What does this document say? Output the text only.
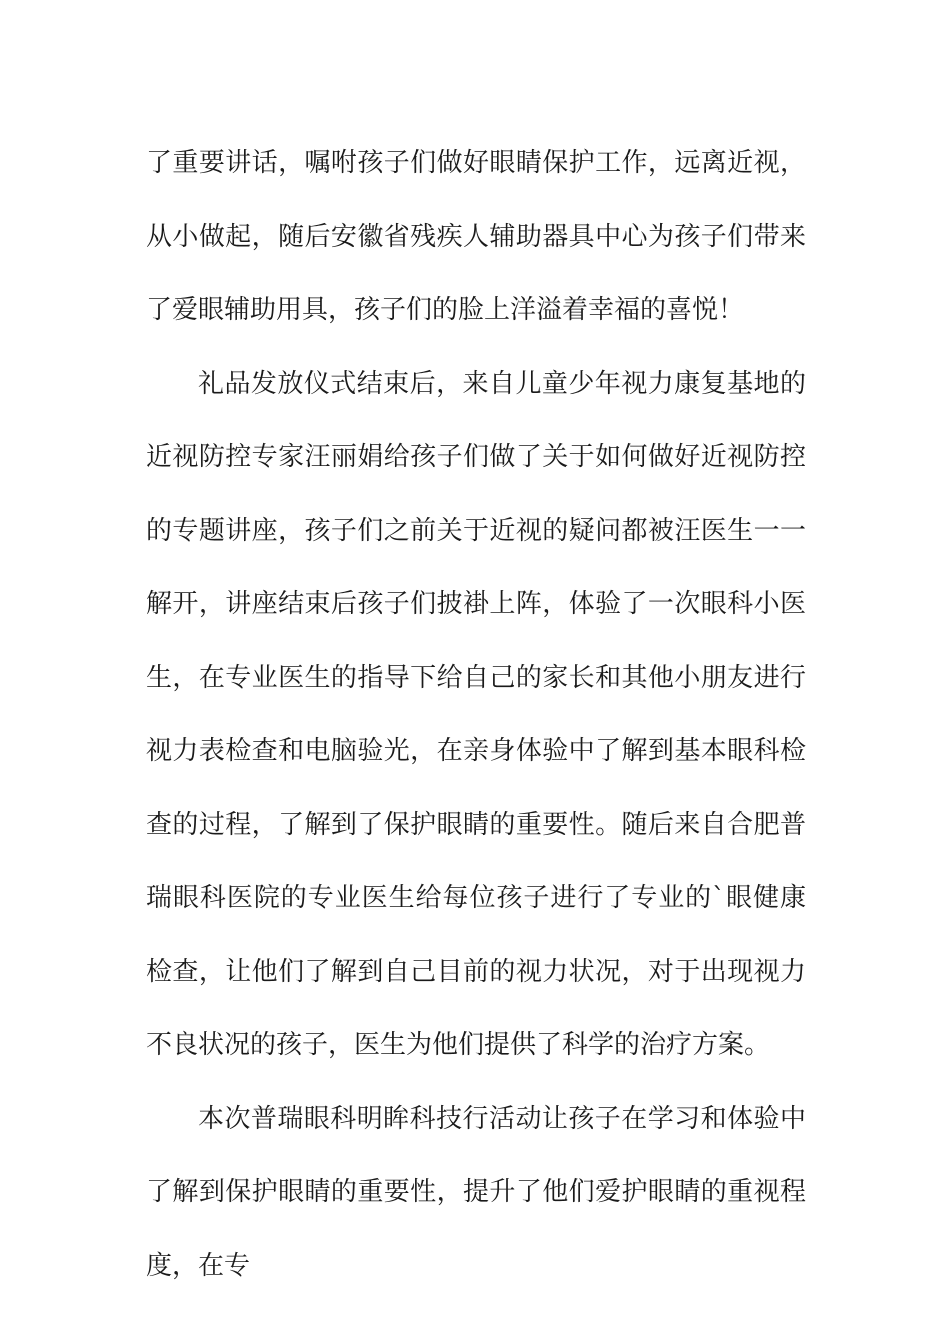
了重要讲话，嘱咐孩子们做好眼睛保护工作，远离近视，从小做起，随后安徽省残疾人辅助器具中心为孩子们带来了爱眼辅助用具，孩子们的脸上洋溢着幸福的喜悦！

礼品发放仪式结束后，来自儿童少年视力康复基地的近视防控专家汪丽娟给孩子们做了关于如何做好近视防控的专题讲座，孩子们之前关于近视的疑问都被汪医生一一解开，讲座结束后孩子们披褂上阵，体验了一次眼科小医生，在专业医生的指导下给自己的家长和其他小朋友进行视力表检查和电脑验光，在亲身体验中了解到基本眼科检查的过程，了解到了保护眼睛的重要性。随后来自合肥普瑞眼科医院的专业医生给每位孩子进行了专业的`眼健康检查，让他们了解到自己目前的视力状况，对于出现视力不良状况的孩子，医生为他们提供了科学的治疗方案。

本次普瑞眼科明眸科技行活动让孩子在学习和体验中了解到保护眼睛的重要性，提升了他们爱护眼睛的重视程度，在专
